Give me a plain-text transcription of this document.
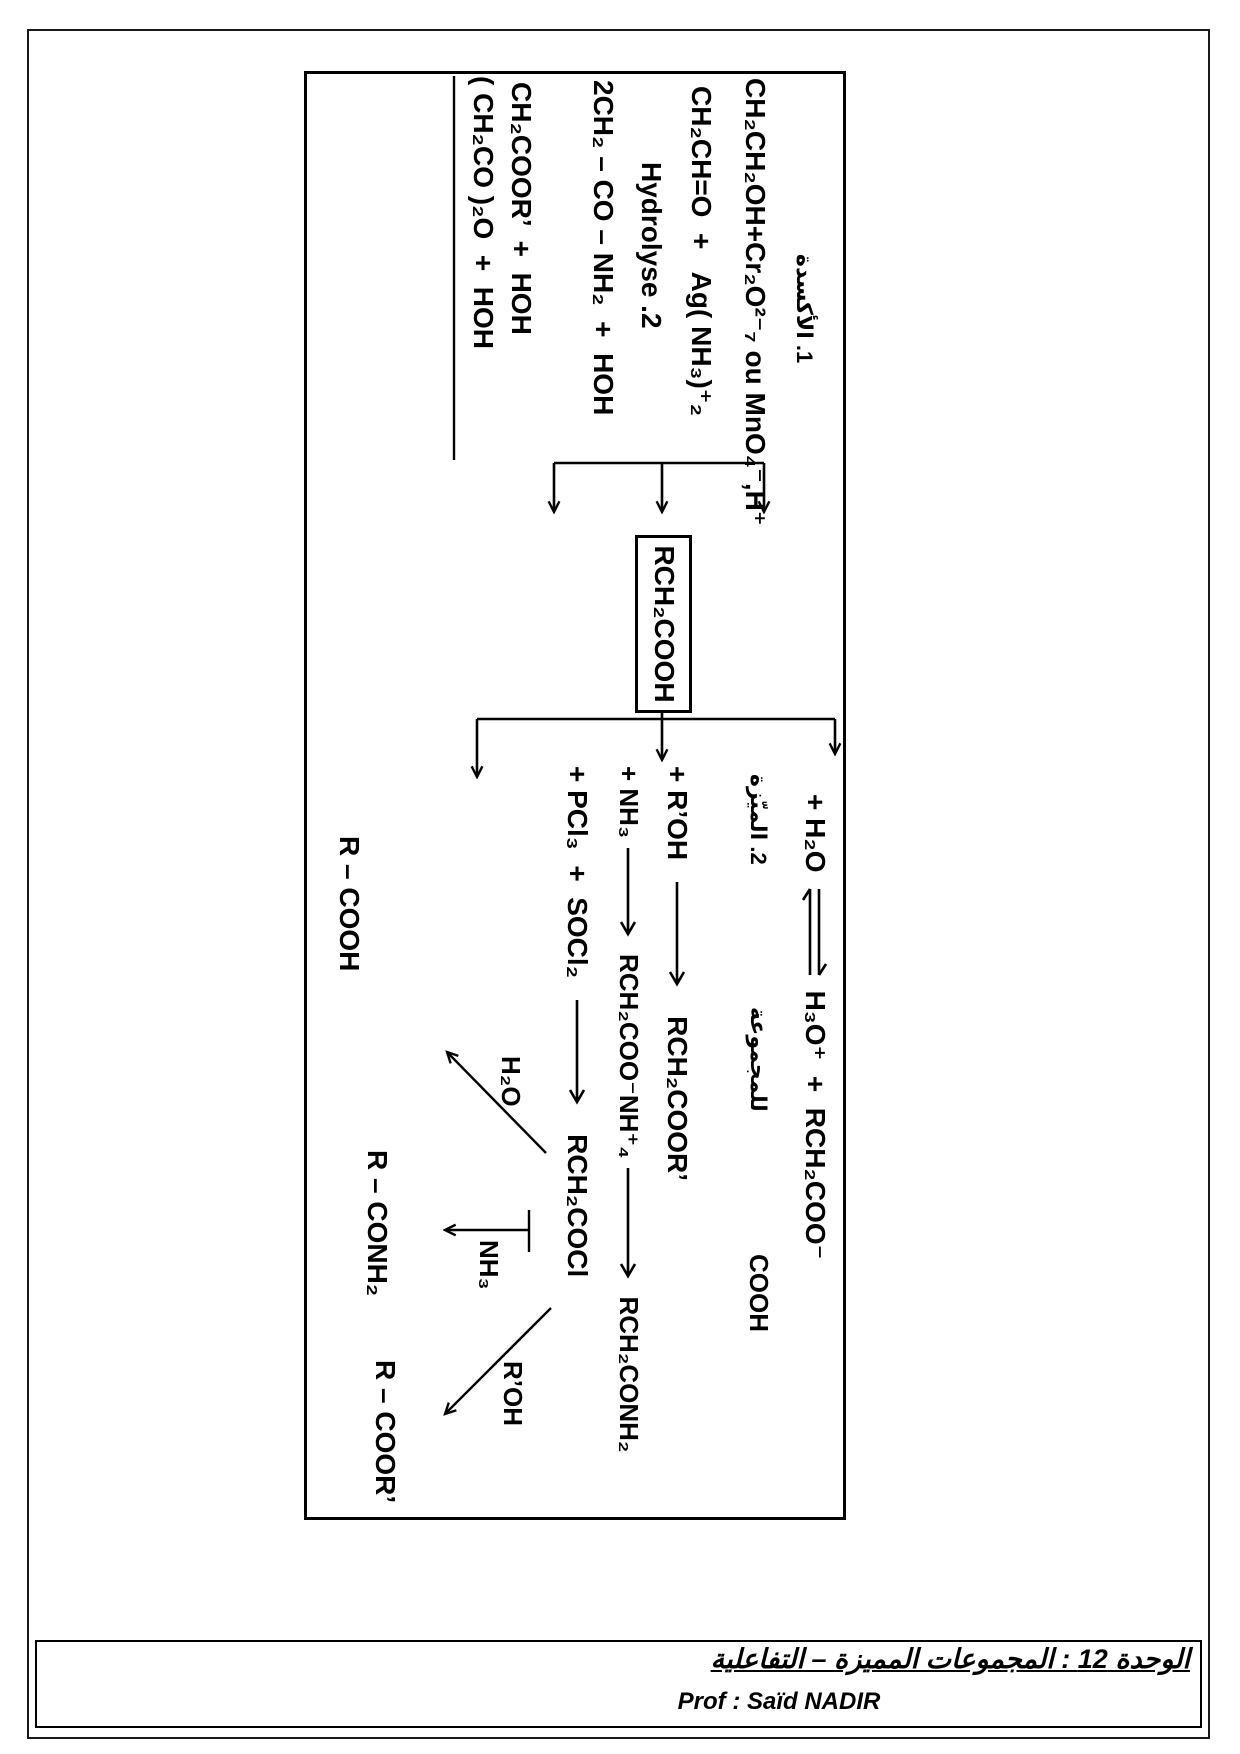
1. الأكسدة
CH₂CH₂OH+Cr₂O²⁻₇ ou MnO₄⁻,H⁺
CH₂CH=O  +   Ag( NH₃)⁺₂
2. Hydrolyse
2CH₂ – CO – NH₂  +  HOH
CH₂COOR’  +  HOH
( CH₂CO )₂O  +  HOH
RCH₂COOH
+ H₂O
H₃O⁺  +  RCH₂COO⁻
2. الميّزة
للمجموعة
COOH
+ R’OH
RCH₂COOR’
+ NH₃
RCH₂COO⁻NH⁺₄
RCH₂CONH₂
+ PCl₃  +  SOCl₂
RCH₂COCl
H₂O
NH₃
R’OH
R – COOH
R – CONH₂
R – COOR’
الوحدة 12 : المجموعات المميزة – التفاعلية
Prof : Saïd NADIR
